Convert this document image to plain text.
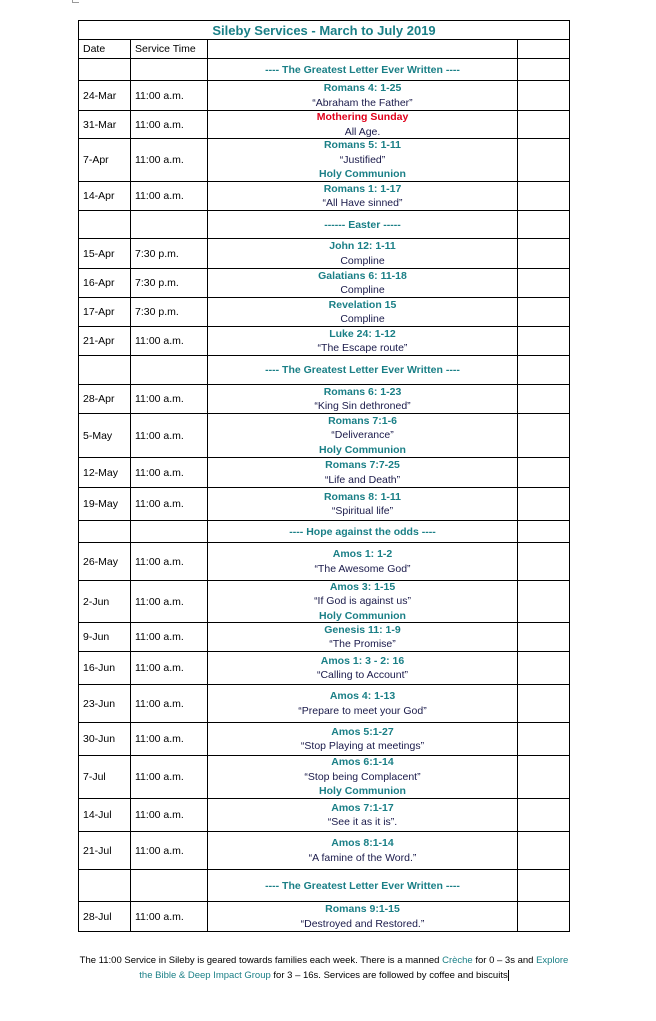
Sileby Services - March to July 2019			
Date	Service Time		
		---- The Greatest Letter Ever Written ----	
24-Mar	11:00 a.m.	Romans 4: 1-25
“Abraham the Father”	

31-Mar	11:00 a.m.	Mothering Sunday
All Age.	

7-Apr	11:00 a.m.	Romans 5: 1-11
“Justified”
Holy Communion	

14-Apr	11:00 a.m.	Romans 1: 1-17
“All Have sinned”	

		------ Easter -----	
15-Apr	7:30 p.m.	John 12: 1-11
Compline	

16-Apr	7:30 p.m.	Galatians 6: 11-18
Compline	

17-Apr	7:30 p.m.	Revelation 15
Compline	

21-Apr	11:00 a.m.	Luke 24: 1-12
“The Escape route”	

		---- The Greatest Letter Ever Written ----	
28-Apr	11:00 a.m.	Romans 6: 1-23
“King Sin dethroned”	

5-May	11:00 a.m.	Romans 7:1-6
“Deliverance”
Holy Communion	

12-May	11:00 a.m.	Romans 7:7-25
“Life and Death”	

19-May	11:00 a.m.	Romans 8: 1-11
“Spiritual life”	

		---- Hope against the odds ----	
26-May	11:00 a.m.	Amos 1: 1-2
“The Awesome God”	

2-Jun	11:00 a.m.	Amos 3: 1-15
“If God is against us”
Holy Communion	

9-Jun	11:00 a.m.	Genesis 11: 1-9
“The Promise”	

16-Jun	11:00 a.m.	Amos 1: 3 - 2: 16
“Calling to Account”	

23-Jun	11:00 a.m.	Amos 4: 1-13
“Prepare to meet your God”	

30-Jun	11:00 a.m.	Amos 5:1-27
“Stop Playing at meetings”	

7-Jul	11:00 a.m.	Amos 6:1-14
“Stop being Complacent”
Holy Communion	

14-Jul	11:00 a.m.	Amos 7:1-17
“See it as it is”.	

21-Jul	11:00 a.m.	Amos 8:1-14
“A famine of the Word.”	

		---- The Greatest Letter Ever Written ----	
28-Jul	11:00 a.m.	Romans 9:1-15
“Destroyed and Restored.”	

The 11:00 Service in Sileby is geared towards families each week. There is a manned Crèche for 0 – 3s and Explore the Bible & Deep Impact Group for 3 – 16s. Services are followed by coffee and biscuits
